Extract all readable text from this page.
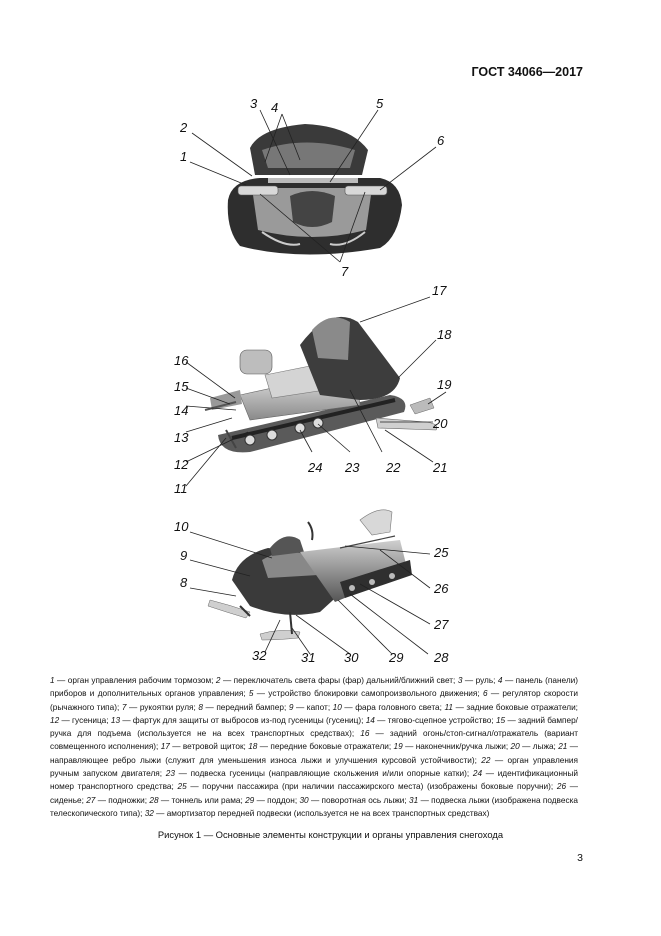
ГОСТ 34066—2017
1
2
3 4	5
6
7
8
9
10
11
12
13
14
15
16
17
18
19
20
21
22
23
24
25
26
27
28
29
30
31
32
1 — орган управления рабочим тормозом; 2 — переключатель света фары (фар) дальний/ближний свет; 3 — руль; 4 — панель (панели) приборов и дополнительных органов управления; 5 — устройство блокировки самопроизвольного движения; 6 — регулятор скорости (рычажного типа); 7 — рукоятки руля; 8 — передний бампер; 9 — капот; 10 — фара головного света; 11 — задние боковые отражатели; 12 — гусеница; 13 — фартук для защиты от выбросов из-под гусеницы (гусениц); 14 — тягово-сцепное устройство; 15 — задний бампер/ручка для подъема (используется не на всех транспортных средствах); 16 — задний огонь/стоп-сигнал/отражатель (вариант совмещенного исполнения); 17 — ветровой щиток; 18 — передние боковые отражатели; 19 — наконечник/ручка лыжи; 20 — лыжа; 21 — направляющее ребро лыжи (служит для уменьшения износа лыжи и улучшения курсовой устойчивости); 22 — орган управления ручным запуском двигателя; 23 — подвеска гусеницы (направляющие скольжения и/или опорные катки); 24 — идентификационный номер транспортного средства; 25 — поручни пассажира (при наличии пассажирского места) (изображены боковые поручни); 26 — сиденье; 27 — подножки; 28 — тоннель или рама; 29 — поддон; 30 — поворотная ось лыжи; 31 — подвеска лыжи (изображена подвеска телескопического типа); 32 — амортизатор передней подвески (используется не на всех транспортных средствах)
Рисунок 1 — Основные элементы конструкции и органы управления снегохода
3
